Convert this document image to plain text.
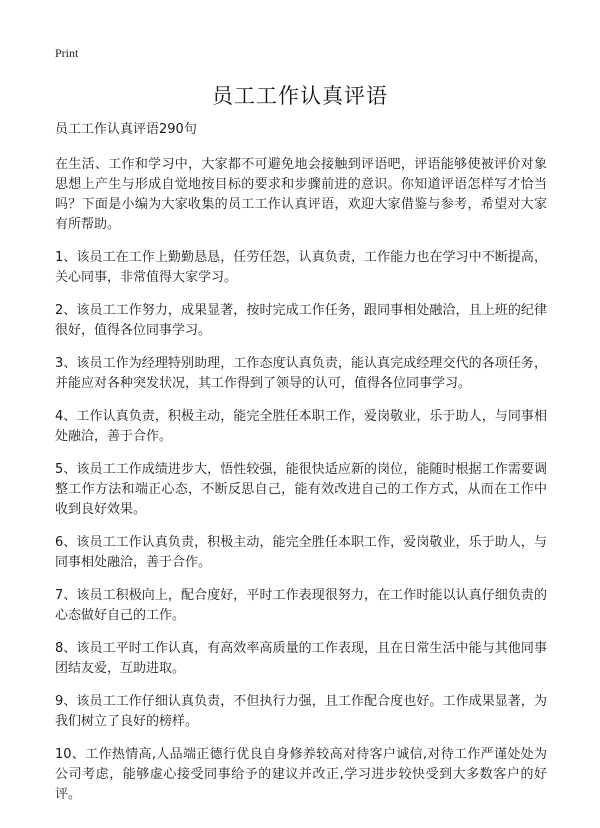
Print
员工工作认真评语

员工工作认真评语290句

在生活、工作和学习中，大家都不可避免地会接触到评语吧，评语能够使被评价对象思想上产生与形成自觉地按目标的要求和步骤前进的意识。你知道评语怎样写才恰当吗？下面是小编为大家收集的员工工作认真评语，欢迎大家借鉴与参考，希望对大家有所帮助。

1、该员工在工作上勤勤恳恳，任劳任怨，认真负责，工作能力也在学习中不断提高，关心同事，非常值得大家学习。

2、该员工工作努力，成果显著，按时完成工作任务，跟同事相处融洽，且上班的纪律很好，值得各位同事学习。

3、该员工作为经理特别助理，工作态度认真负责，能认真完成经理交代的各项任务，并能应对各种突发状况，其工作得到了领导的认可，值得各位同事学习。

4、工作认真负责，积极主动，能完全胜任本职工作，爱岗敬业，乐于助人，与同事相处融洽，善于合作。

5、该员工工作成绩进步大，悟性较强，能很快适应新的岗位，能随时根据工作需要调整工作方法和端正心态，不断反思自己，能有效改进自己的工作方式，从而在工作中收到良好效果。

6、该员工工作认真负责，积极主动，能完全胜任本职工作，爱岗敬业，乐于助人，与同事相处融洽，善于合作。

7、该员工积极向上，配合度好，平时工作表现很努力，在工作时能以认真仔细负责的心态做好自己的工作。

8、该员工平时工作认真，有高效率高质量的工作表现，且在日常生活中能与其他同事团结友爱，互助进取。

9、该员工工作仔细认真负责，不但执行力强，且工作配合度也好。工作成果显著，为我们树立了良好的榜样。

10、工作热情高,人品端正德行优良自身修养较高对待客户诚信,对待工作严谨处处为公司考虑，能够虚心接受同事给予的建议并改正,学习进步较快受到大多数客户的好评。
